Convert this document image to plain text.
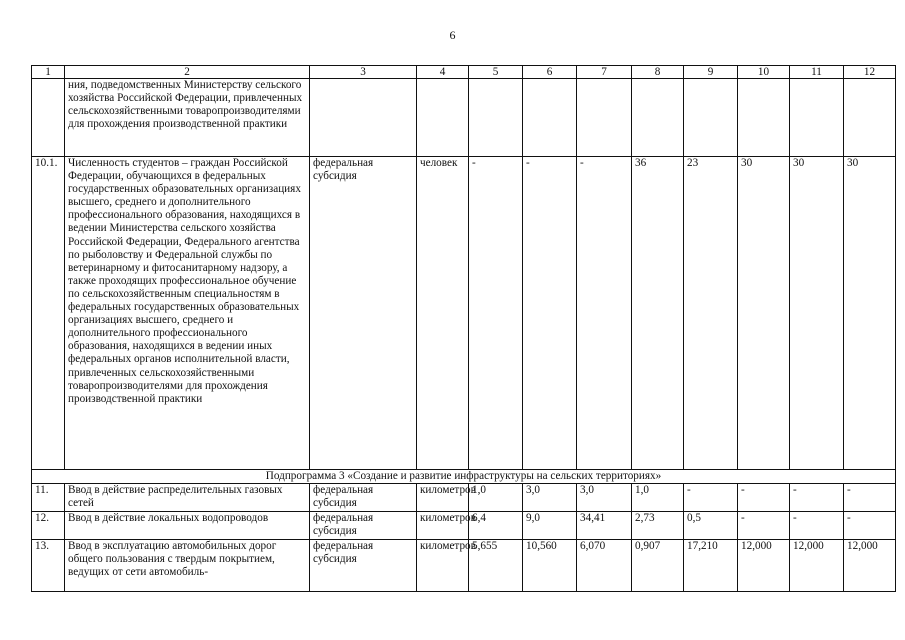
6
1	2	3	4	5	6	7	8	9	10	11	12
	ния, подведомственных Министерству сельского хозяйства Российской Федерации, привлеченных сельскохозяйственными товаропроизводителями для прохождения производственной практики										
10.1.	Численность студентов – граждан Российской Федерации, обучающихся в федеральных государственных образовательных организациях высшего, среднего и дополнительного профессионального образования, находящихся в ведении Министерства сельского хозяйства Российской Федерации, Федерального агентства по рыболовству и Федеральной службы по ветеринарному и фитосанитарному надзору, а также проходящих профессиональное обучение по сельскохозяйственным специальностям в федеральных государственных образовательных организациях высшего, среднего и дополнительного профессионального образования, находящихся в ведении иных федеральных органов исполнительной власти, привлеченных сельскохозяйственными товаропроизводителями для прохождения производственной практики	федеральная субсидия	человек	-	-	-	36	23	30	30	30
Подпрограмма 3 «Создание и развитие инфраструктуры на сельских территориях»											
11.	Ввод в действие распределительных газовых сетей	федеральная субсидия	километров	1,0	3,0	3,0	1,0	-	-	-	-
12.	Ввод в действие локальных водопроводов	федеральная субсидия	километров	6,4	9,0	34,41	2,73	0,5	-	-	-
13.	Ввод в эксплуатацию автомобильных дорог общего пользования с твердым покрытием, ведущих от сети автомобиль-	федеральная субсидия	километров	5,655	10,560	6,070	0,907	17,210	12,000	12,000	12,000
